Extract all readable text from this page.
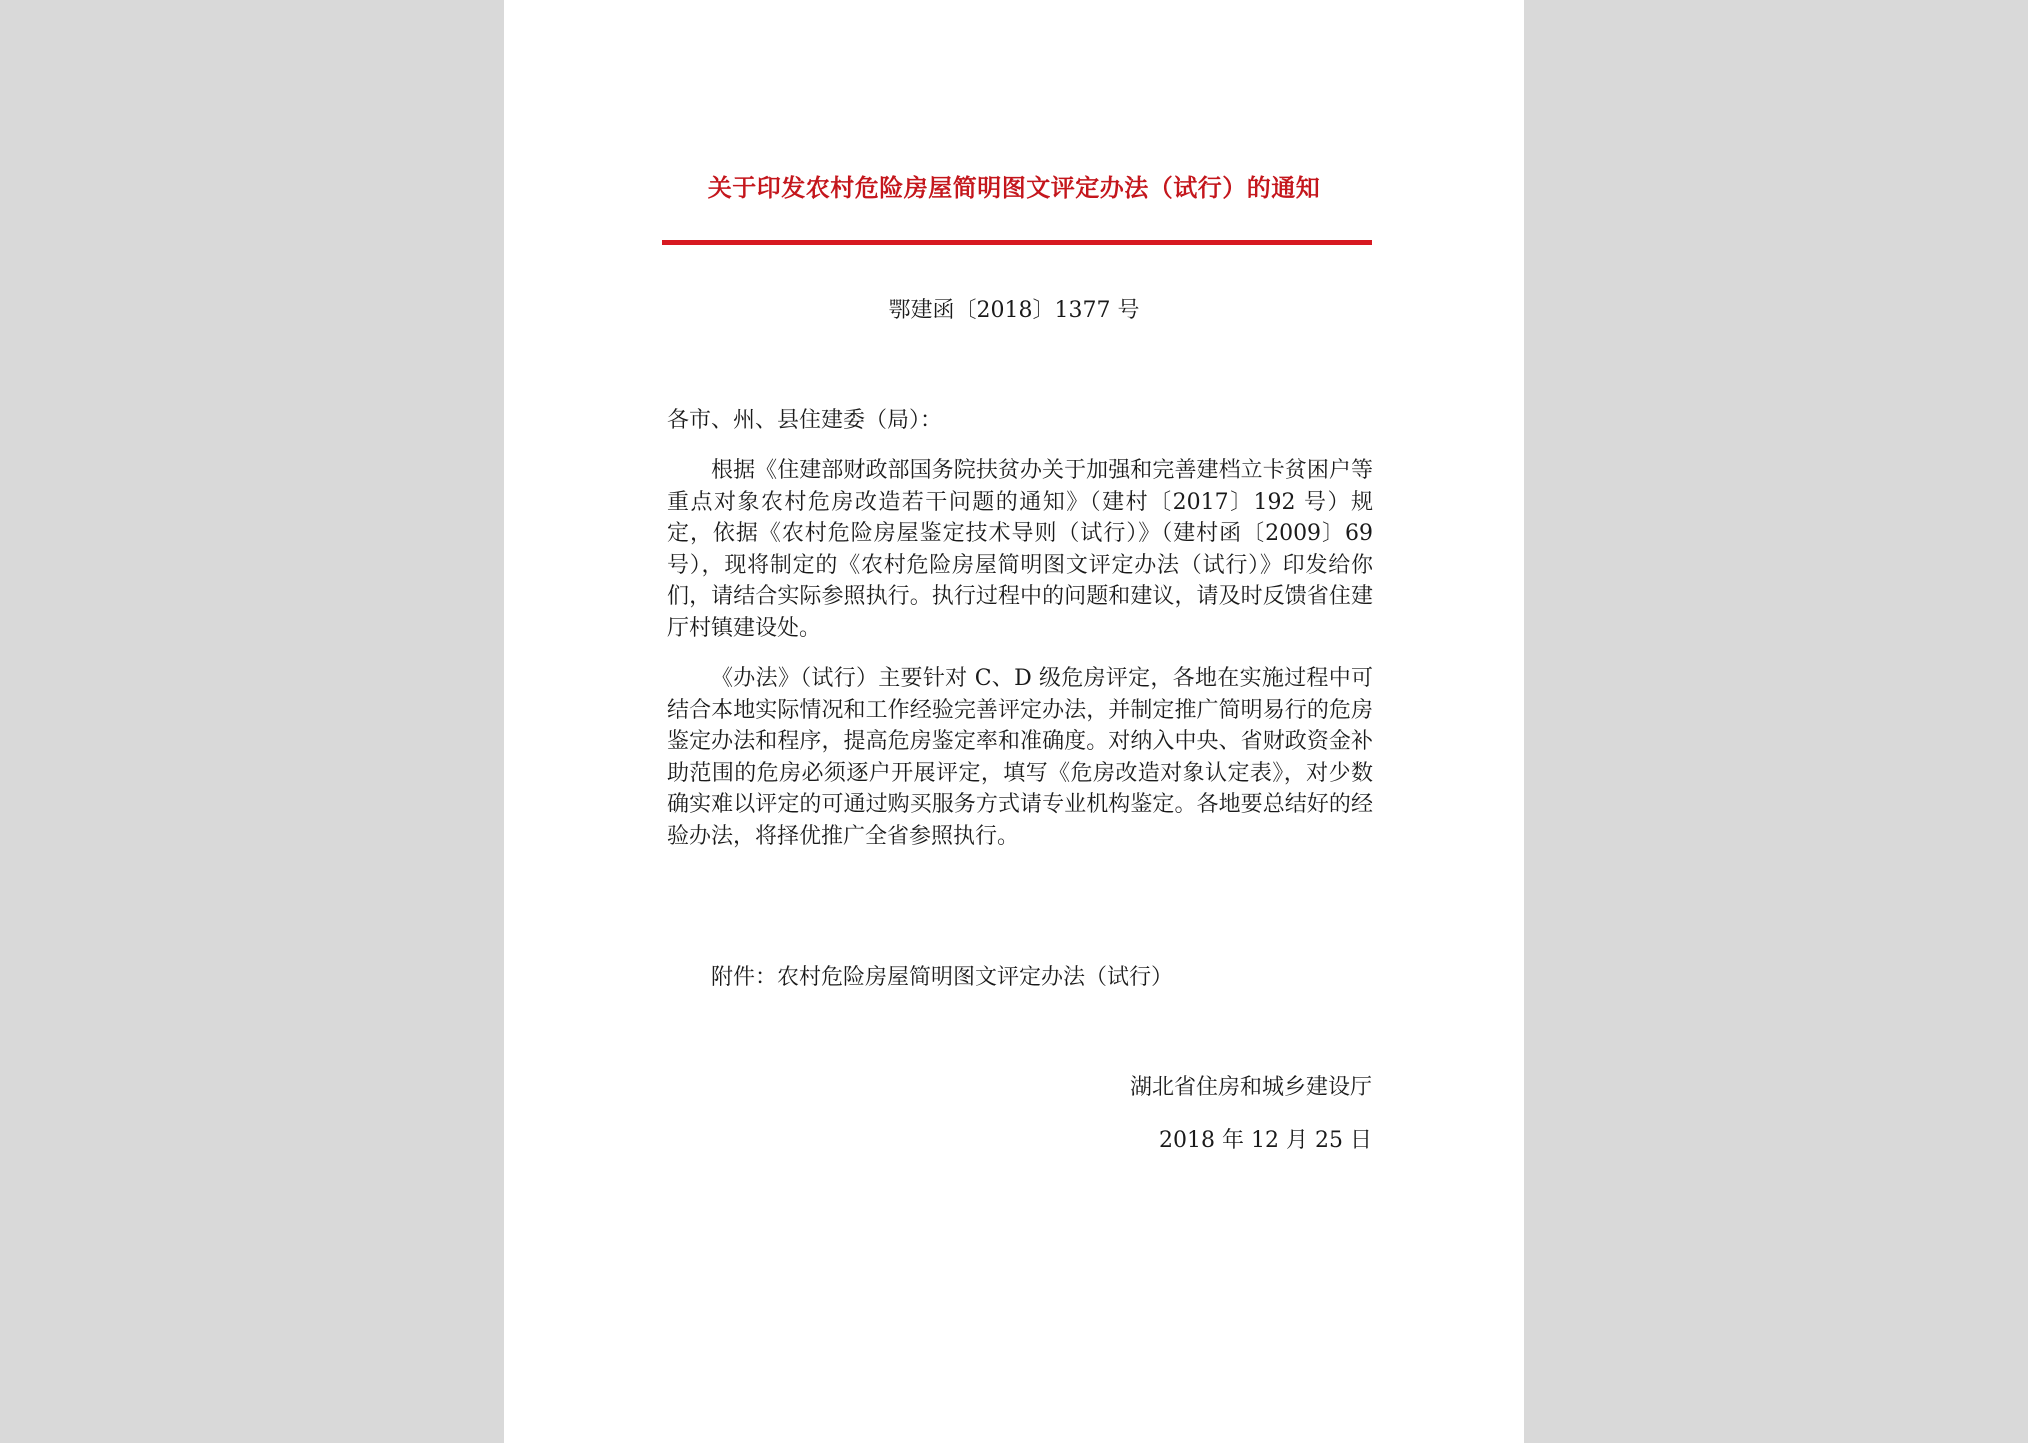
关于印发农村危险房屋简明图文评定办法（试行）的通知
鄂建函〔2018〕1377 号
各市、州、县住建委（局）：

根据《住建部财政部国务院扶贫办关于加强和完善建档立卡贫困户等重点对象农村危房改造若干问题的通知》（建村〔2017〕192 号）规定，依据《农村危险房屋鉴定技术导则（试行）》（建村函〔2009〕69 号），现将制定的《农村危险房屋简明图文评定办法（试行）》印发给你们，请结合实际参照执行。执行过程中的问题和建议，请及时反馈省住建厅村镇建设处。

《办法》（试行）主要针对 C、D 级危房评定，各地在实施过程中可结合本地实际情况和工作经验完善评定办法，并制定推广简明易行的危房鉴定办法和程序，提高危房鉴定率和准确度。对纳入中央、省财政资金补助范围的危房必须逐户开展评定，填写《危房改造对象认定表》，对少数确实难以评定的可通过购买服务方式请专业机构鉴定。各地要总结好的经验办法，将择优推广全省参照执行。

附件：农村危险房屋简明图文评定办法（试行）
湖北省住房和城乡建设厅
2018 年 12 月 25 日
